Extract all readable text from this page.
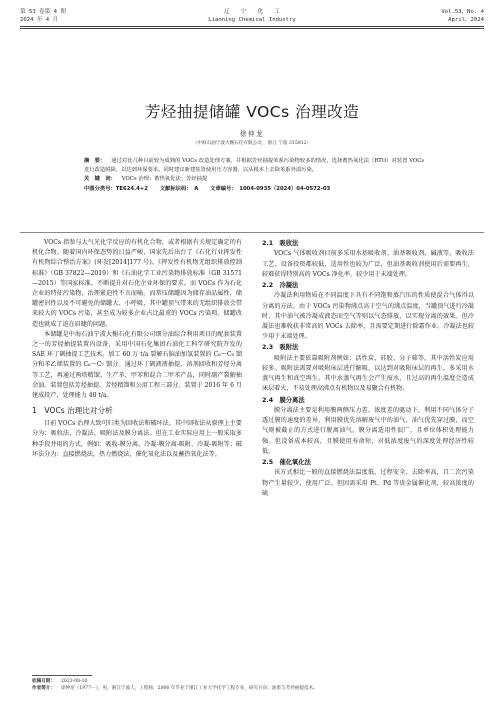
第 53 卷第 4 期
2024 年 4 月
辽　　宁　　化　　工
Liaoning Chemical Industry
Vol.53，No. 4
April，2024
芳烃抽提储罐 VOCs 治理改造
徐仲龙
（中海石油宁波大榭石化有限公司， 浙江 宁波 315812）
摘　要： 通过对比几种目前较为成熟的 VOCs 改造处理方案，并根据芳烃抽提苯系污染物较多的情况，选择蓄热氧化法（RTO）对装置 VOCs 进行改造脱除，以达到环保要求。同时建议新建装置使用压力容器，以从根本上去除苯系外溢污染。
关　键　词： VOCs 治理；蓄热氧化法；芳烃抽提
中图分类号：TE624.4+2 文献标识码：　A 文章编号：　1004-0935（2024）04-0572-03

VOCs 指参与大气光化学反应的有机化合物，或者根据有关规定确定的有机化合物。随着国内环保态势的日益严峻，国家先后出台了《石化行业挥发性有机物综合整治方案》(环发[2014]177 号)、《挥发性有机物无组织排放控制标准》（GB 37822—2019）和《石油化学工业污染物排放标准（GB 31571—2015）等国家标准，不断提升对石化企业环保的要求。而 VOCs 作为石化企业的特征污染物，治理紧迫性不言而喻。而常压储罐因为储存油品属性，储罐密封性以及不可避免的储罐大、小呼吸，其中罐顶气带来的无组织排放会带来较大的 VOCs 污染，甚至成为较多企业占比最重的 VOCs 污染项。储罐改造也就成了迫在眉睫的问题。

本储罐是中海石油宁波大榭石化有限公司细分油综合利用项目的配套装置之一的芳烃抽提装置内设备，采用中国石化集团石油化工科学研究院开发的 SAE 环丁砜抽提工艺技术。加工 60 万 t/a 裂解石脑油加氢装置的 C₆～C₈ 馏分和苯乙烯装置的 C₆～C₇ 馏分。通过环丁砜液液抽提、溶剂回收和芳烃分离等工艺，再通过两塔精馏，生产苯、甲苯和混合二甲苯产品，同时副产裂解抽余油。装置包括芳烃抽提、芳烃精馏和公用工程三部分。装置于 2016 年 6 月建成投产，处理能力 40 t/a。

1　VOCs 治理比对分析

目前 VOCs 治理大致可归类为回收法和破坏法。其中回收法从原理上主要分为：吸收法、冷凝法、吸附法及膜分离法。但在工业实际应用上一般采取多种手段并用的方式。例如：吸收-膜分离、冷凝-膜分离-吸附、冷凝-吸附等；破坏法分为：直接燃烧法，热力燃烧法，催化氧化法以及蓄热氧化法等。

2.1　吸收法

VOCs 气体吸收剂目前多采用水基吸收剂、油基吸收剂、碱液等。吸收法工艺、设备投资都较低，适用性也较为广泛，但油基吸收剂使用后需要再生，较难获得特别高的 VOCs 净化率，较少用于末端处理。

2.2　冷凝法

冷凝法利用物质在不同温度下具有不同饱和蒸汽压的性质使混合气体得以分离的方法。由于 VOCs 污染物沸点高于空气的沸点温度，当罐顶气进行冷凝时，其中油气被冷凝成液态而空气等则以气态排放，以实现分离的效果。但冷凝法也难收获非常高的 VOCs 去除率，且需要定期进行除霜作业。冷凝法也较少用于末端处理。

2.3　吸附法

吸附法主要依靠吸附剂例如：活性炭、硅胶、分子筛等，其中活性炭应用较多。吸附法需要对吸附床层进行解吸，以达到对吸附床层的再生，多采用水蒸气再生和真空再生。其中水蒸气再生会产生废水，且过高的再生温度会造成床层着火，不易处理高沸点有机物以及易聚合有机物。

2.4　膜分离法

膜分离法主要是利用膜两侧压力差、浓度差的驱动下，利用不同气体分子透过膜的速度的差异，利用膜优先溶解废气中的油气，油气优先穿过膜，而空气则被截止的方式进行脱离油气。膜分离适用性很广，且单位体积处理能力强。但设备成本较高，且膜使用寿命短，对低浓度废气的深度处理经济性较低。

2.5　催化氧化法

该方式相比一般的直接燃烧法温度低、过程安全、去除率高，且二次污染物产生量较少，使用广泛。但因需采用 Pt、Pd 等贵金属催化剂，较高浓度的硫

收稿日期： 2023-08-10
作者简介： 徐仲龙（1977－），男，浙江宁波人，工程师，2006 年毕业于浙江工业大学化学工程专业，研究方向：油浆与芳烃抽提技术。
